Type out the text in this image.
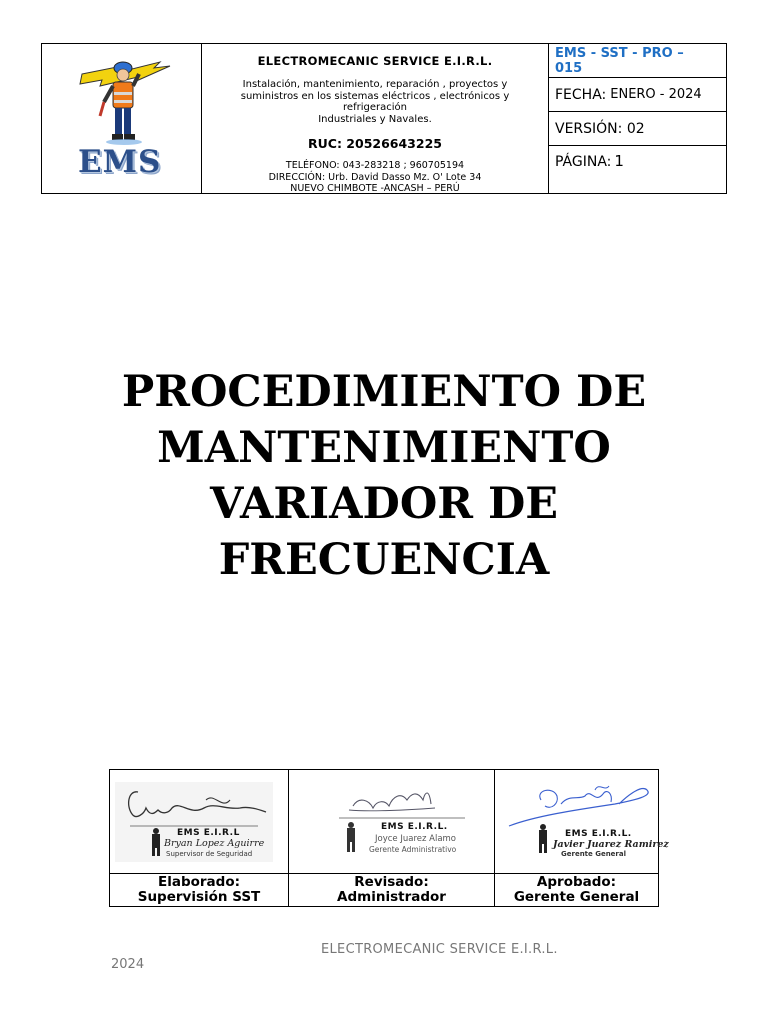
EMS
ELECTROMECANIC SERVICE E.I.R.L.
Instalación, mantenimiento, reparación , proyectos y
suministros en los sistemas eléctricos , electrónicos y
refrigeración
Industriales y Navales.
RUC: 20526643225
TELÉFONO: 043-283218 ; 960705194
DIRECCIÓN: Urb. David Dasso Mz. O' Lote 34
NUEVO CHIMBOTE -ANCASH – PERÚ
EMS - SST - PRO –
015
FECHA: ENERO - 2024
VERSIÓN: 02
PÁGINA: 1
PROCEDIMIENTO DE
MANTENIMIENTO
VARIADOR DE
FRECUENCIA
EMS E.I.R.L
Bryan Lopez Aguirre
Supervisor de Seguridad
Elaborado:
Supervisión SST
EMS E.I.R.L.
Joyce Juarez Alamo
Gerente Administrativo
Revisado:
Administrador
EMS E.I.R.L.
Javier Juarez Ramirez
Gerente General
Aprobado:
Gerente General
ELECTROMECANIC SERVICE E.I.R.L.
2024
